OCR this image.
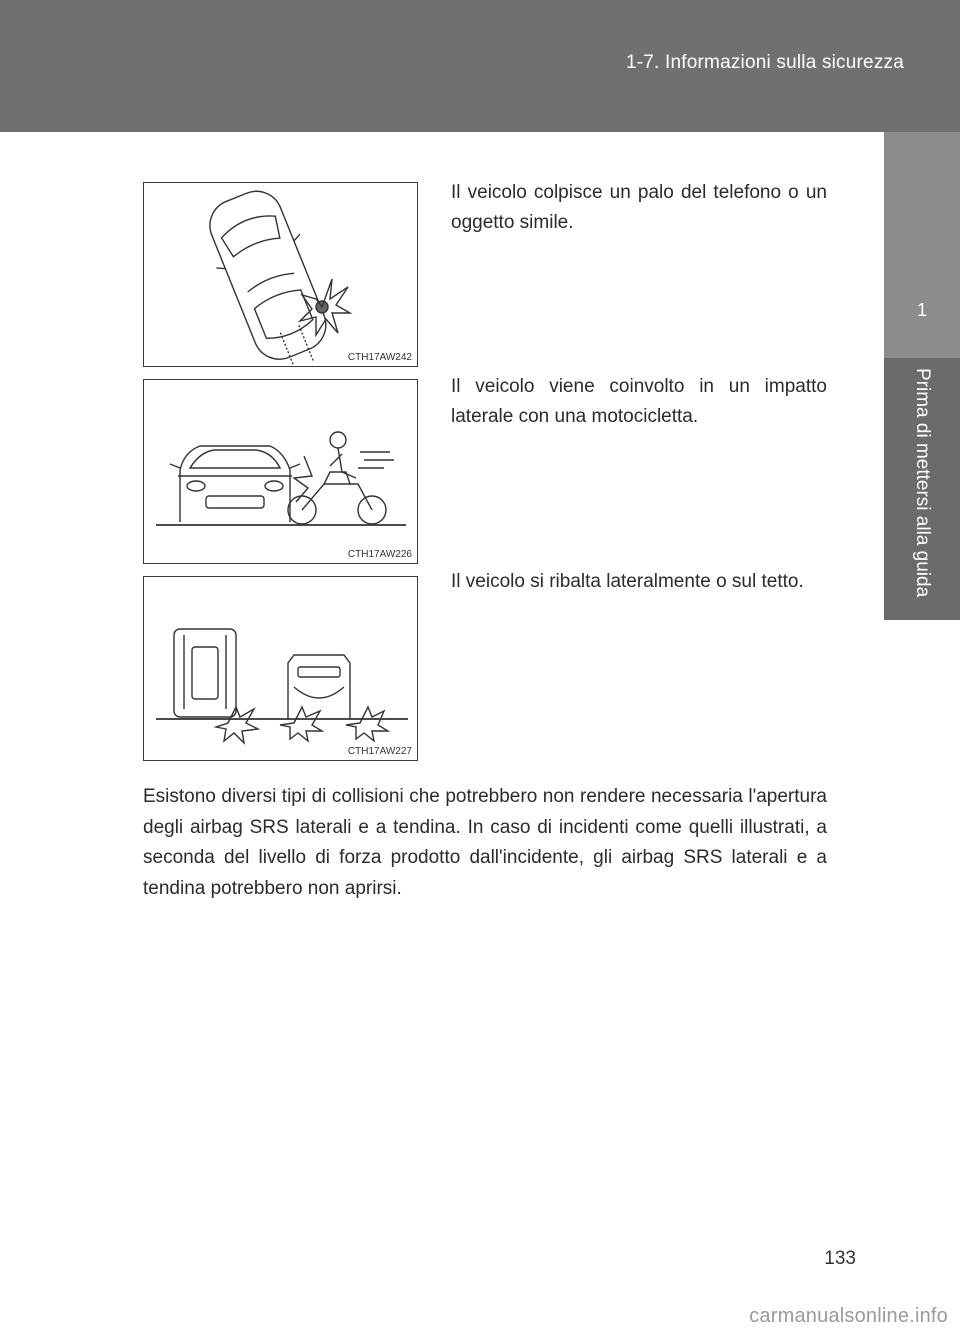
1-7. Informazioni sulla sicurezza
1
Prima di mettersi alla guida
CTH17AW242
Il veicolo colpisce un palo del telefono o un oggetto simile.
CTH17AW226
Il veicolo viene coinvolto in un impatto laterale con una motocicletta.
CTH17AW227
Il veicolo si ribalta lateralmente o sul tetto.
Esistono diversi tipi di collisioni che potrebbero non rendere necessaria l'apertura degli airbag SRS laterali e a tendina. In caso di incidenti come quelli illustrati, a seconda del livello di forza prodotto dall'incidente, gli airbag SRS laterali e a tendina potrebbero non aprirsi.
133
carmanualsonline.info
